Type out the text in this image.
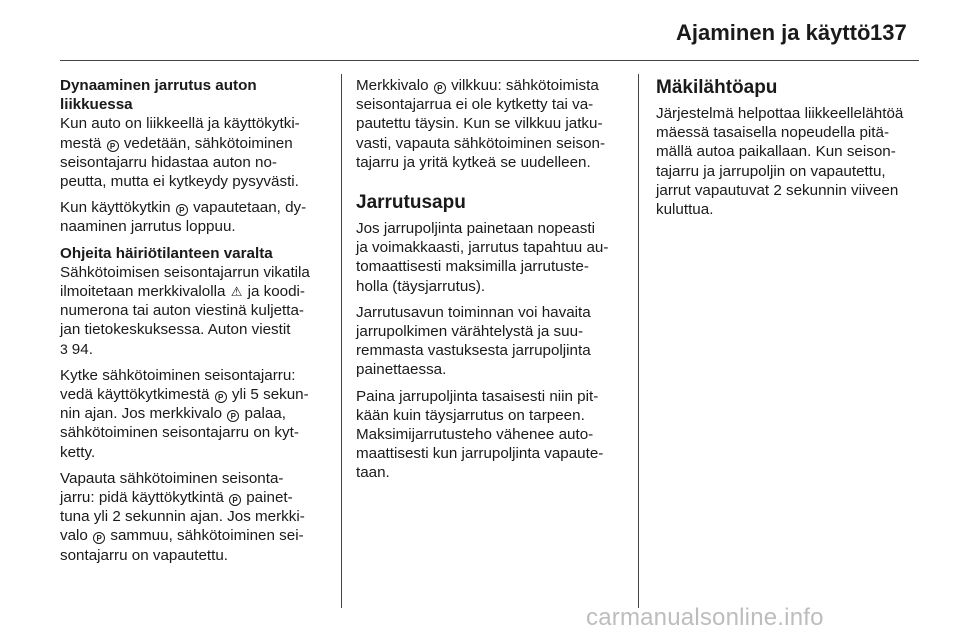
Ajaminen ja käyttö 137

Dynaaminen jarrutus auton liikkuessa

Kun auto on liikkeellä ja käyttökytki-
mestä P vedetään, sähkötoiminen
seisontajarru hidastaa auton no-
peutta, mutta ei kytkeydy pysyvästi.

Kun käyttökytkin P vapautetaan, dy-
naaminen jarrutus loppuu.

Ohjeita häiriötilanteen varalta

Sähkötoimisen seisontajarrun vikatila
ilmoitetaan merkkivalolla ⚠ ja koodi-
numerona tai auton viestinä kuljetta-
jan tietokeskuksessa. Auton viestit
3 94.

Kytke sähkötoiminen seisontajarru:
vedä käyttökytkimestä P yli 5 sekun-
nin ajan. Jos merkkivalo P palaa,
sähkötoiminen seisontajarru on kyt-
ketty.

Vapauta sähkötoiminen seisonta-
jarru: pidä käyttökytkintä P painet-
tuna yli 2 sekunnin ajan. Jos merkki-
valo P sammuu, sähkötoiminen sei-
sontajarru on vapautettu.

Merkkivalo P vilkkuu: sähkötoimista
seisontajarrua ei ole kytketty tai va-
pautettu täysin. Kun se vilkkuu jatku-
vasti, vapauta sähkötoiminen seison-
tajarru ja yritä kytkeä se uudelleen.

Jarrutusapu

Jos jarrupoljinta painetaan nopeasti
ja voimakkaasti, jarrutus tapahtuu au-
tomaattisesti maksimilla jarrutuste-
holla (täysjarrutus).

Jarrutusavun toiminnan voi havaita
jarrupolkimen värähtelystä ja suu-
remmasta vastuksesta jarrupoljinta
painettaessa.

Paina jarrupoljinta tasaisesti niin pit-
kään kuin täysjarrutus on tarpeen.
Maksimijarrutusteho vähenee auto-
maattisesti kun jarrupoljinta vapaute-
taan.

Mäkilähtöapu

Järjestelmä helpottaa liikkeellelähtöä
mäessä tasaisella nopeudella pitä-
mällä autoa paikallaan. Kun seison-
tajarru ja jarrupoljin on vapautettu,
jarrut vapautuvat 2 sekunnin viiveen
kuluttua.

carmanualsonline.info
